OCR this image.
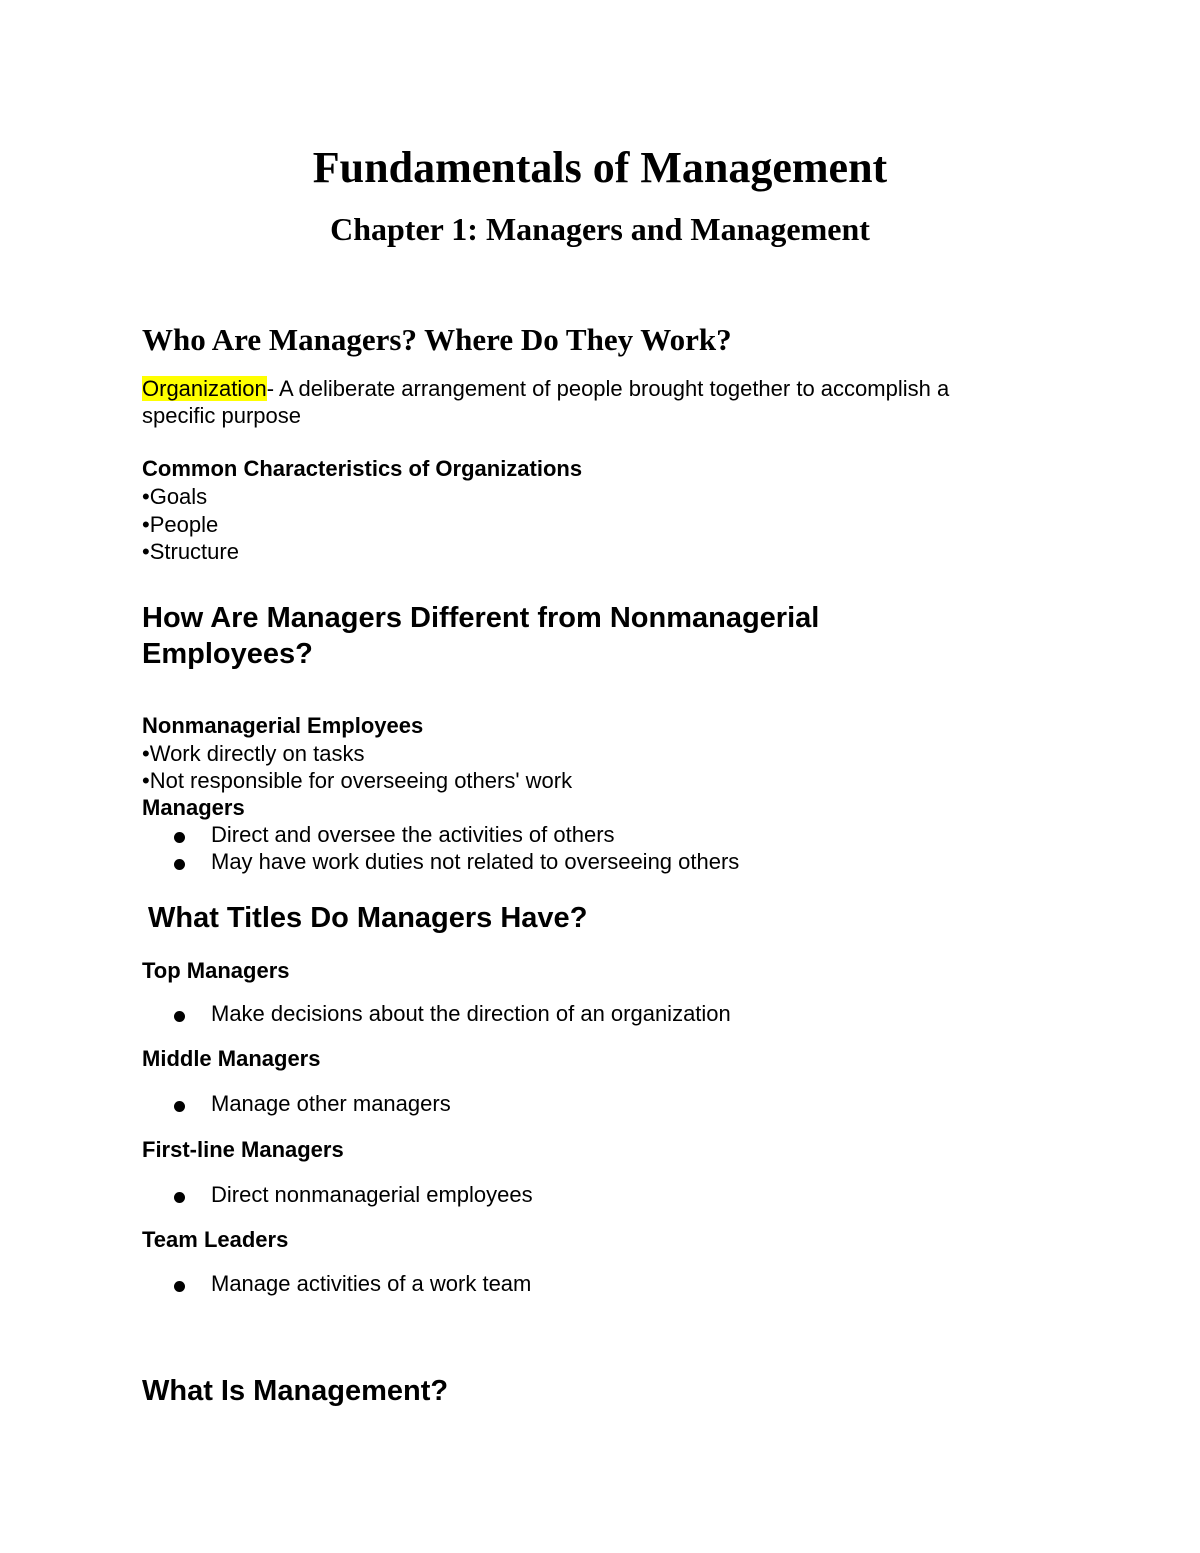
Fundamentals of Management
Chapter 1: Managers and Management
Who Are Managers? Where Do They Work?

Organization- A deliberate arrangement of people brought together to accomplish a

specific purpose

Common Characteristics of Organizations

•Goals

•People

•Structure

How Are Managers Different from Nonmanagerial
Employees?

Nonmanagerial Employees

•Work directly on tasks

•Not responsible for overseeing others' work

Managers

Direct and oversee the activities of others
May have work duties not related to overseeing others
What Titles Do Managers Have?

Top Managers

Make decisions about the direction of an organization

Middle Managers

Manage other managers

First-line Managers

Direct nonmanagerial employees

Team Leaders

Manage activities of a work team
What Is Management?
